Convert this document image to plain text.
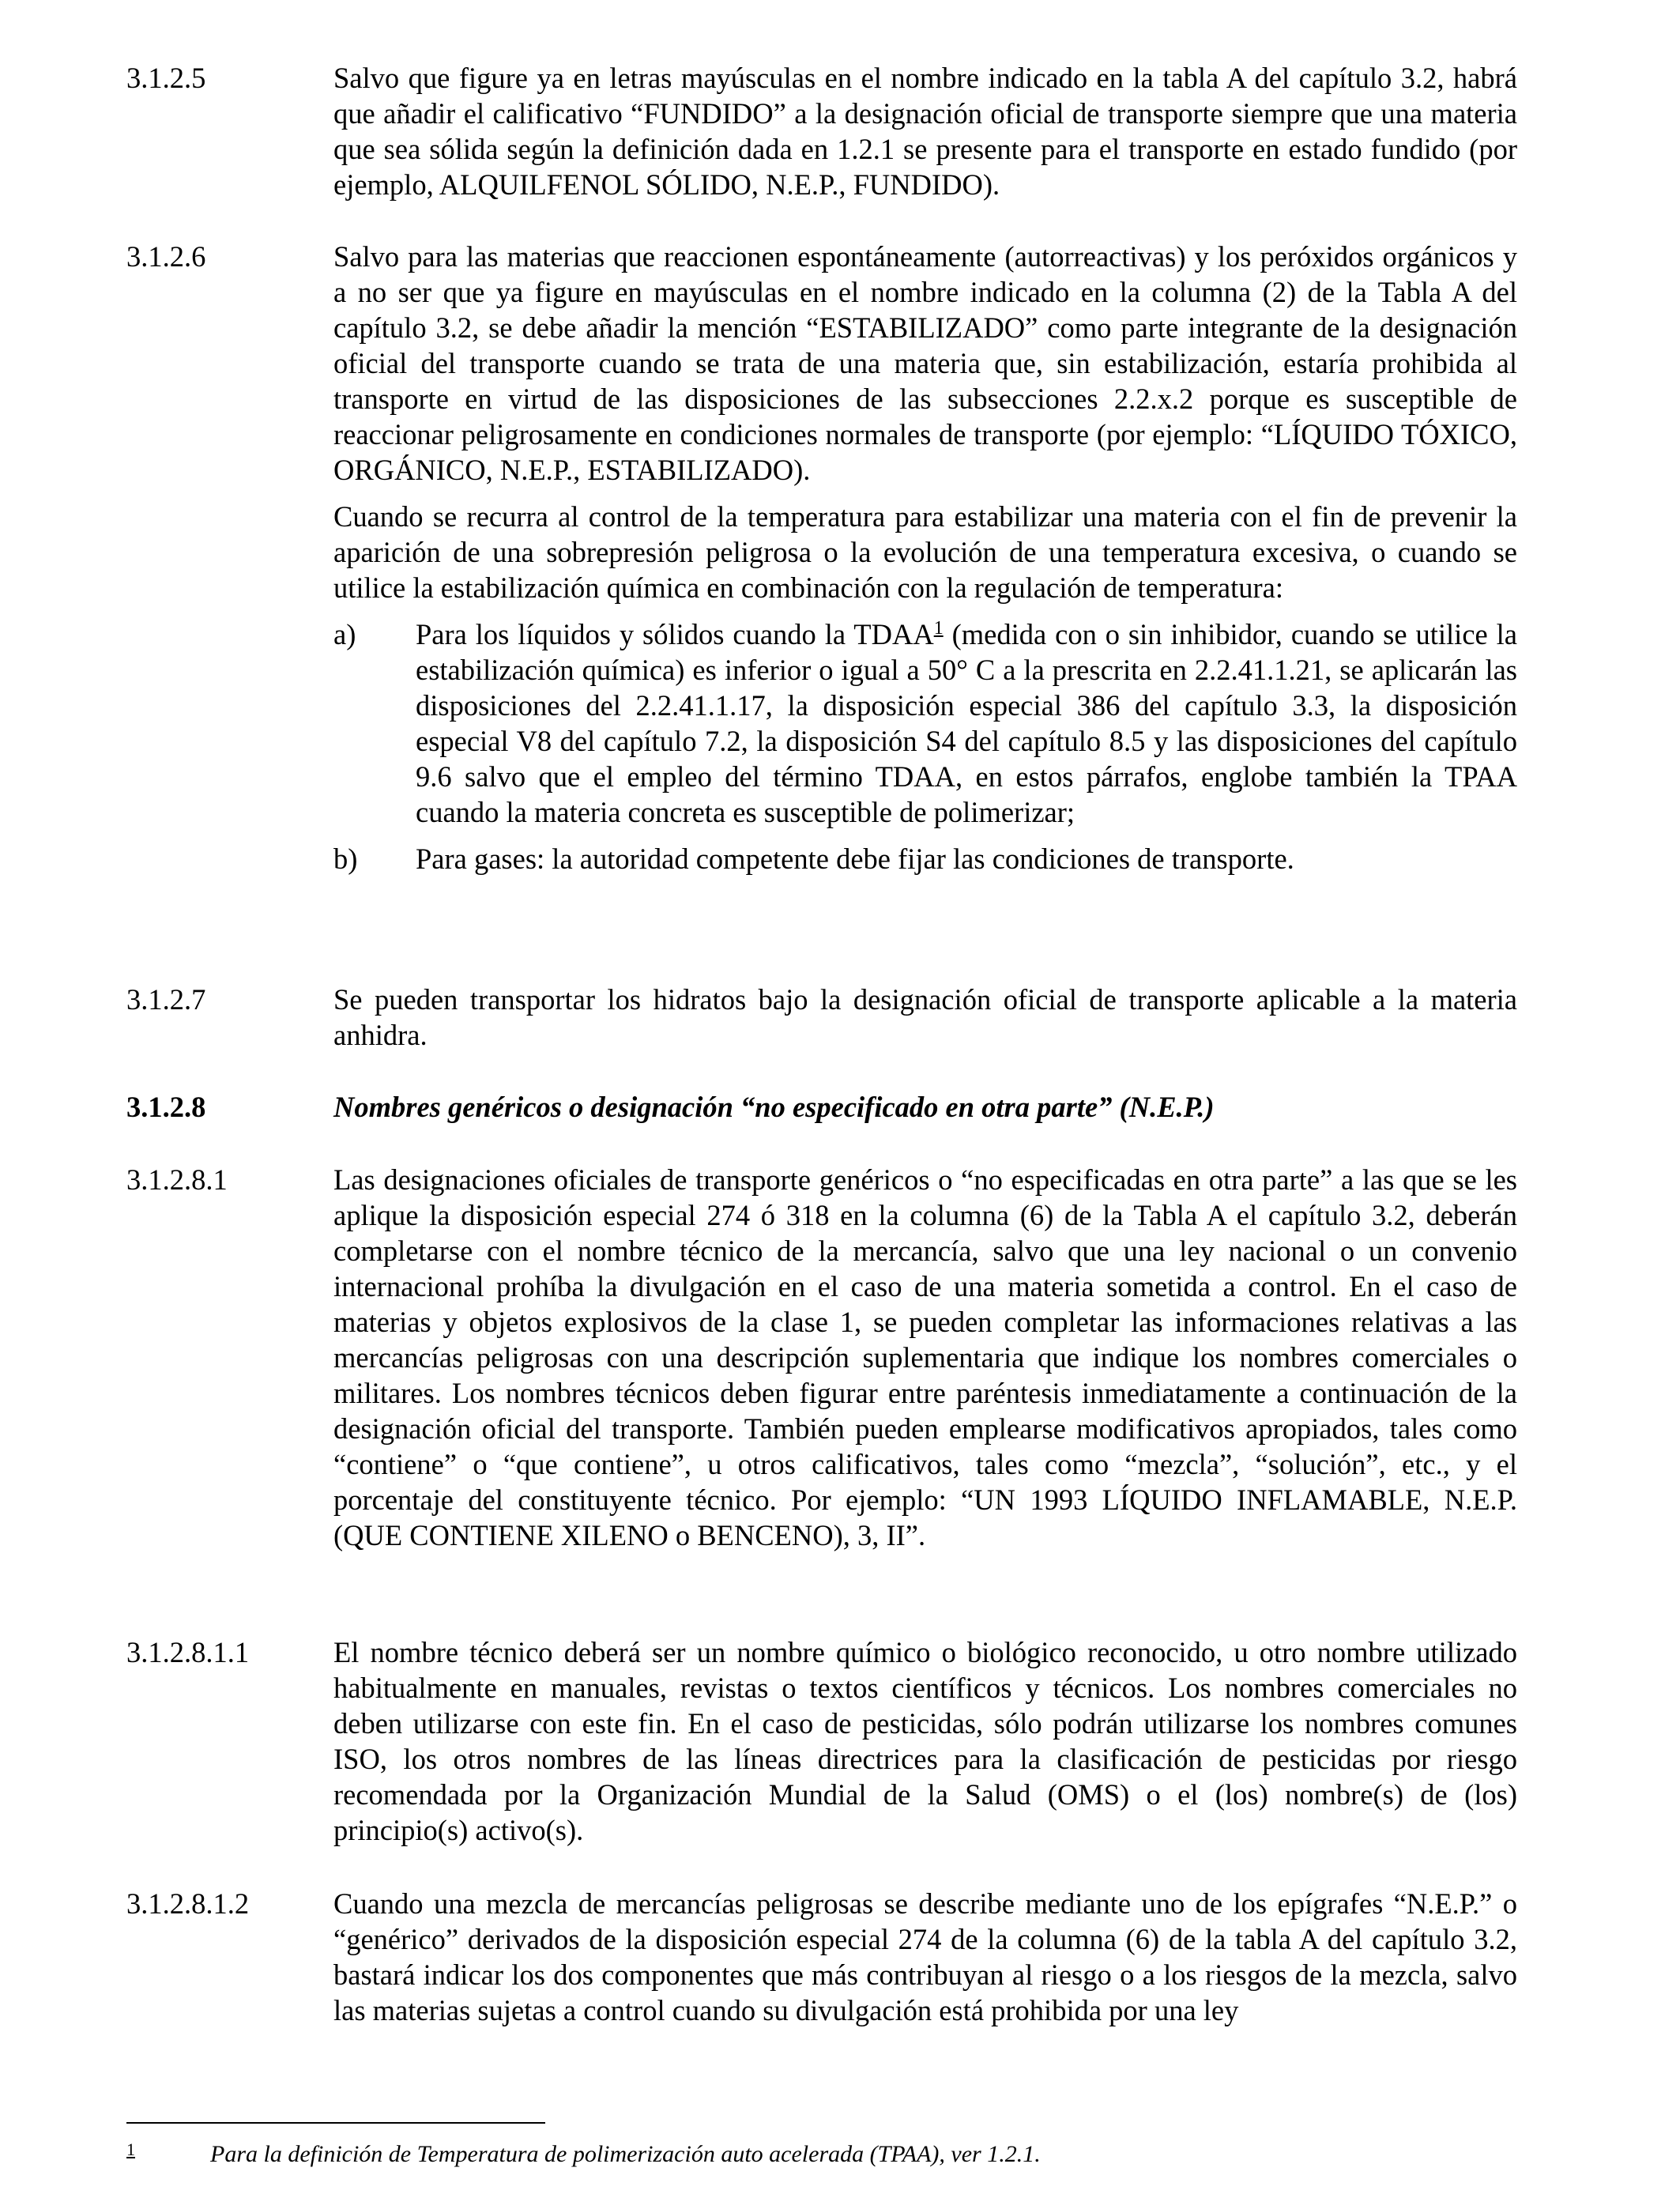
3.1.2.5	Salvo que figure ya en letras mayúsculas en el nombre indicado en la tabla A del capítulo 3.2, habrá que añadir el calificativo “FUNDIDO” a la designación oficial de transporte siempre que una materia que sea sólida según la definición dada en 1.2.1 se presente para el transporte en estado fundido (por ejemplo, ALQUILFENOL SÓLIDO, N.E.P., FUNDIDO).

3.1.2.6	Salvo para las materias que reaccionen espontáneamente (autorreactivas) y los peróxidos orgánicos y a no ser que ya figure en mayúsculas en el nombre indicado en la columna (2) de la Tabla A del capítulo 3.2, se debe añadir la mención “ESTABILIZADO” como parte integrante de la designación oficial del transporte cuando se trata de una materia que, sin estabilización, estaría prohibida al transporte en virtud de las disposiciones de las subsecciones 2.2.x.2 porque es susceptible de reaccionar peligrosamente en condiciones normales de transporte (por ejemplo: “LÍQUIDO TÓXICO, ORGÁNICO, N.E.P., ESTABILIZADO).

Cuando se recurra al control de la temperatura para estabilizar una materia con el fin de prevenir la aparición de una sobrepresión peligrosa o la evolución de una temperatura excesiva, o cuando se utilice la estabilización química en combinación con la regulación de temperatura:

a) Para los líquidos y sólidos cuando la TDAA$^1$ (medida con o sin inhibidor, cuando se utilice la estabilización química) es inferior o igual a 50° C a la prescrita en 2.2.41.1.21, se aplicarán las disposiciones del 2.2.41.1.17, la disposición especial 386 del capítulo 3.3, la disposición especial V8 del capítulo 7.2, la disposición S4 del capítulo 8.5 y las disposiciones del capítulo 9.6 salvo que el empleo del término TDAA, en estos párrafos, englobe también la TPAA cuando la materia concreta es susceptible de polimerizar;
b) Para gases: la autoridad competente debe fijar las condiciones de transporte.
3.1.2.7	Se pueden transportar los hidratos bajo la designación oficial de transporte aplicable a la materia anhidra.

3.1.2.8	Nombres genéricos o designación “no especificado en otra parte” (N.E.P.)
3.1.2.8.1	Las designaciones oficiales de transporte genéricos o “no especificadas en otra parte” a las que se les aplique la disposición especial 274 ó 318 en la columna (6) de la Tabla A el capítulo 3.2, deberán completarse con el nombre técnico de la mercancía, salvo que una ley nacional o un convenio internacional prohíba la divulgación en el caso de una materia sometida a control. En el caso de materias y objetos explosivos de la clase 1, se pueden completar las informaciones relativas a las mercancías peligrosas con una descripción suplementaria que indique los nombres comerciales o militares. Los nombres técnicos deben figurar entre paréntesis inmediatamente a continuación de la designación oficial del transporte. También pueden emplearse modificativos apropiados, tales como “contiene” o “que contiene”, u otros calificativos, tales como “mezcla”, “solución”, etc., y el porcentaje del constituyente técnico. Por ejemplo: “UN 1993 LÍQUIDO INFLAMABLE, N.E.P. (QUE CONTIENE XILENO o BENCENO), 3, II”.

3.1.2.8.1.1	El nombre técnico deberá ser un nombre químico o biológico reconocido, u otro nombre utilizado habitualmente en manuales, revistas o textos científicos y técnicos. Los nombres comerciales no deben utilizarse con este fin. En el caso de pesticidas, sólo podrán utilizarse los nombres comunes ISO, los otros nombres de las líneas directrices para la clasificación de pesticidas por riesgo recomendada por la Organización Mundial de la Salud (OMS) o el (los) nombre(s) de (los) principio(s) activo(s).

3.1.2.8.1.2	Cuando una mezcla de mercancías peligrosas se describe mediante uno de los epígrafes “N.E.P.” o “genérico” derivados de la disposición especial 274 de la columna (6) de la tabla A del capítulo 3.2, bastará indicar los dos componentes que más contribuyan al riesgo o a los riesgos de la mezcla, salvo las materias sujetas a control cuando su divulgación está prohibida por una ley

1	Para la definición de Temperatura de polimerización auto acelerada (TPAA), ver 1.2.1.
